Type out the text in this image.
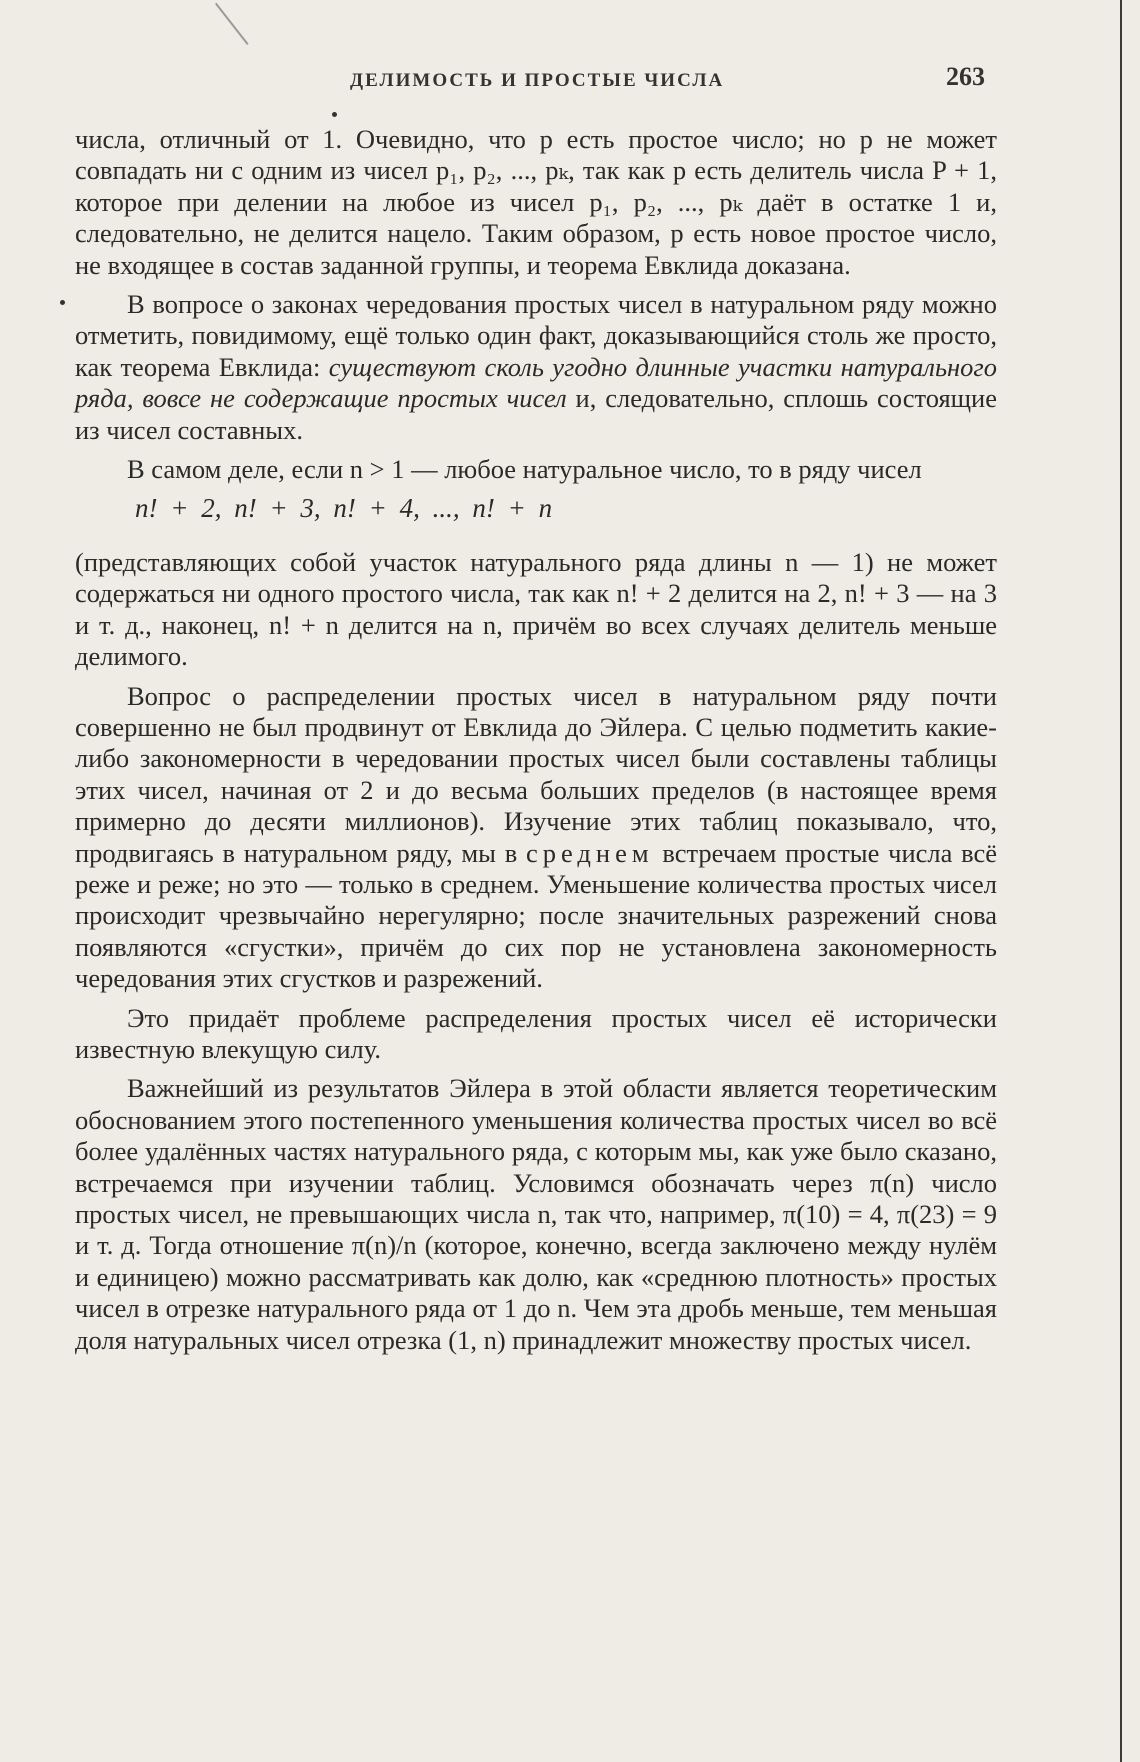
ДЕЛИМОСТЬ И ПРОСТЫЕ ЧИСЛА	263

числа, отличный от 1. Очевидно, что p есть простое число; но p не может совпадать ни с одним из чисел p₁, p₂, ..., pₖ, так как p есть делитель числа P + 1, которое при делении на любое из чисел p₁, p₂, ..., pₖ даёт в остатке 1 и, следовательно, не делится нацело. Таким образом, p есть новое простое число, не входящее в состав заданной группы, и теорема Евклида доказана.

В вопросе о законах чередования простых чисел в натуральном ряду можно отметить, повидимому, ещё только один факт, доказывающийся столь же просто, как теорема Евклида: существуют сколь угодно длинные участки натурального ряда, вовсе не содержащие простых чисел и, следовательно, сплошь состоящие из чисел составных.

В самом деле, если n > 1 — любое натуральное число, то в ряду чисел

n! + 2, n! + 3, n! + 4, ..., n! + n

(представляющих собой участок натурального ряда длины n — 1) не может содержаться ни одного простого числа, так как n! + 2 делится на 2, n! + 3 — на 3 и т. д., наконец, n! + n делится на n, причём во всех случаях делитель меньше делимого.

Вопрос о распределении простых чисел в натуральном ряду почти совершенно не был продвинут от Евклида до Эйлера. С целью подметить какие-либо закономерности в чередовании простых чисел были составлены таблицы этих чисел, начиная от 2 и до весьма больших пределов (в настоящее время примерно до десяти миллионов). Изучение этих таблиц показывало, что, продвигаясь в натуральном ряду, мы в среднем встречаем простые числа всё реже и реже; но это — только в среднем. Уменьшение количества простых чисел происходит чрезвычайно нерегулярно; после значительных разрежений снова появляются «сгустки», причём до сих пор не установлена закономерность чередования этих сгустков и разрежений.

Это придаёт проблеме распределения простых чисел её исторически известную влекущую силу.

Важнейший из результатов Эйлера в этой области является теоретическим обоснованием этого постепенного уменьшения количества простых чисел во всё более удалённых частях натурального ряда, с которым мы, как уже было сказано, встречаемся при изучении таблиц. Условимся обозначать через π(n) число простых чисел, не превышающих числа n, так что, например, π(10) = 4, π(23) = 9 и т. д. Тогда отношение π(n)/n (которое, конечно, всегда заключено между нулём и единицею) можно рассматривать как долю, как «среднюю плотность» простых чисел в отрезке натурального ряда от 1 до n. Чем эта дробь меньше, тем меньшая доля натуральных чисел отрезка (1, n) принадлежит множеству простых чисел.
